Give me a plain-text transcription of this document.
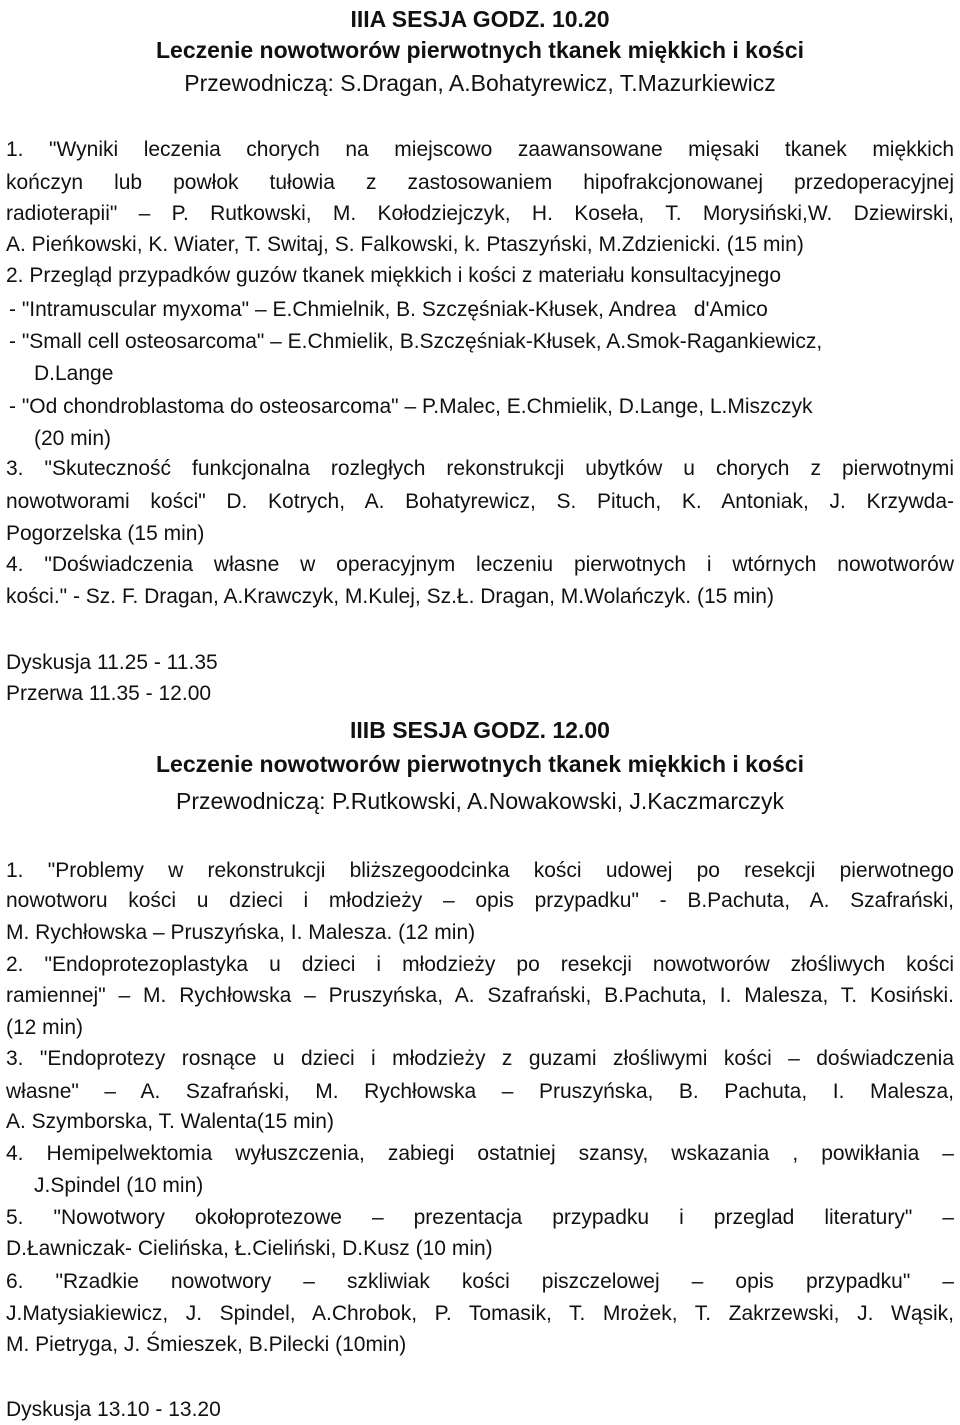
IIIA SESJA GODZ. 10.20
Leczenie nowotworów pierwotnych tkanek miękkich i kości
Przewodniczą: S.Dragan, A.Bohatyrewicz, T.Mazurkiewicz
1. "Wyniki leczenia chorych na miejscowo zaawansowane mięsaki tkanek miękkich
kończyn lub powłok tułowia z zastosowaniem hipofrakcjonowanej przedoperacyjnej
radioterapii" – P. Rutkowski, M. Kołodziejczyk, H. Koseła, T. Morysiński,W. Dziewirski,
A. Pieńkowski, K. Wiater, T. Switaj, S. Falkowski, k. Ptaszyński, M.Zdzienicki. (15 min)
2. Przegląd przypadków guzów tkanek miękkich i kości z materiału konsultacyjnego
- "Intramuscular myxoma" – E.Chmielnik, B. Szczęśniak-Kłusek, Andrea   d'Amico
- "Small cell osteosarcoma" – E.Chmielik, B.Szczęśniak-Kłusek, A.Smok-Ragankiewicz,
D.Lange
- "Od chondroblastoma do osteosarcoma" – P.Malec, E.Chmielik, D.Lange, L.Miszczyk
(20 min)
3. "Skuteczność funkcjonalna rozległych rekonstrukcji ubytków u chorych z pierwotnymi
nowotworami kości" D. Kotrych, A. Bohatyrewicz, S. Pituch, K. Antoniak, J. Krzywda-
Pogorzelska (15 min)
4. "Doświadczenia własne w operacyjnym leczeniu pierwotnych i wtórnych nowotworów
kości." - Sz. F. Dragan, A.Krawczyk, M.Kulej, Sz.Ł. Dragan, M.Wolańczyk. (15 min)
Dyskusja 11.25 - 11.35
Przerwa 11.35 - 12.00
IIIB SESJA GODZ. 12.00
Leczenie nowotworów pierwotnych tkanek miękkich i kości
Przewodniczą: P.Rutkowski, A.Nowakowski, J.Kaczmarczyk
1. "Problemy w rekonstrukcji bliższegoodcinka kości udowej po resekcji pierwotnego
nowotworu kości u dzieci i młodzieży – opis przypadku" - B.Pachuta, A. Szafrański,
M. Rychłowska – Pruszyńska, I. Malesza. (12 min)
2. "Endoprotezoplastyka u dzieci i młodzieży po resekcji nowotworów złośliwych kości
ramiennej" – M. Rychłowska – Pruszyńska, A. Szafrański, B.Pachuta, I. Malesza, T. Kosiński.
(12 min)
3. "Endoprotezy rosnące u dzieci i młodzieży z guzami złośliwymi kości – doświadczenia
własne" – A. Szafrański, M. Rychłowska – Pruszyńska, B. Pachuta, I. Malesza,
A. Szymborska, T. Walenta(15 min)
4. Hemipelwektomia wyłuszczenia, zabiegi ostatniej szansy, wskazania , powikłania –
J.Spindel (10 min)
5. "Nowotwory okołoprotezowe – prezentacja przypadku i przeglad literatury" –
D.Ławniczak- Cielińska, Ł.Cieliński, D.Kusz (10 min)
6. "Rzadkie nowotwory – szkliwiak kości piszczelowej – opis przypadku" –
J.Matysiakiewicz, J. Spindel, A.Chrobok, P. Tomasik, T. Mrożek, T. Zakrzewski, J. Wąsik,
M. Pietryga, J. Śmieszek, B.Pilecki (10min)
Dyskusja 13.10 - 13.20
